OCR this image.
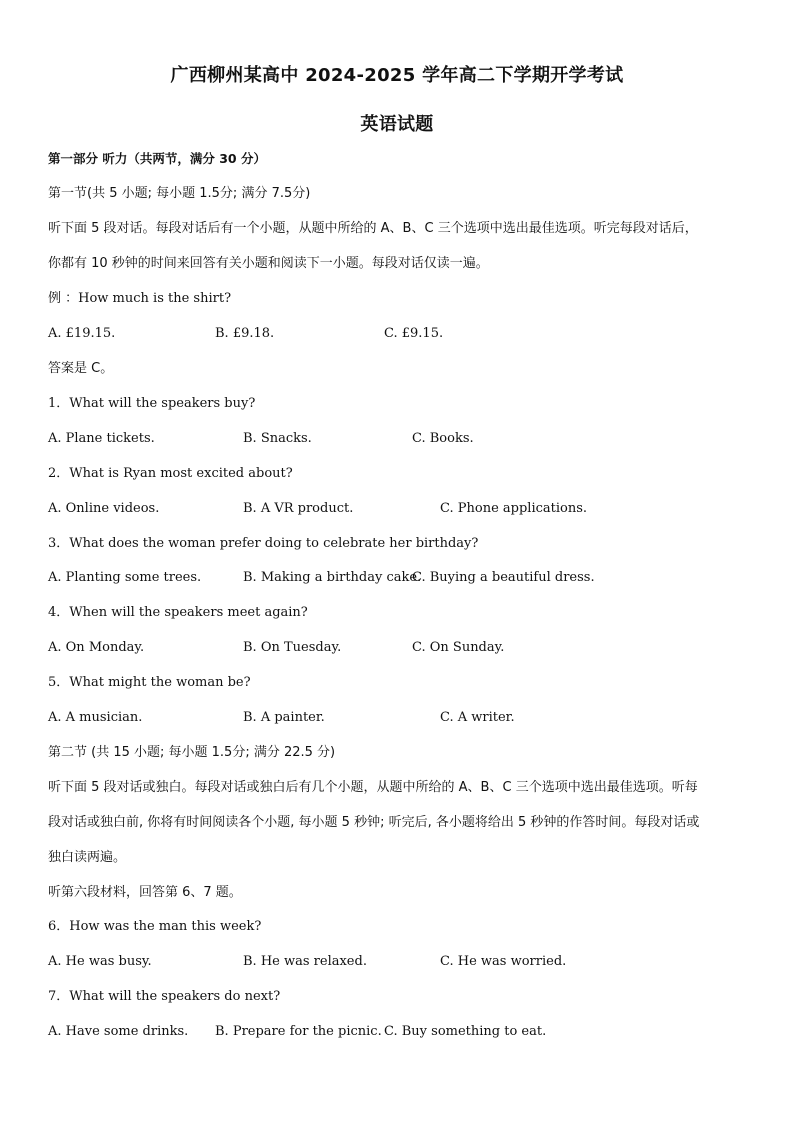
广西柳州某高中 2024-2025 学年高二下学期开学考试
英语试题
第一部分 听力（共两节，满分 30 分）
第一节(共 5 小题; 每小题 1.5分; 满分 7.5分)
听下面 5 段对话。每段对话后有一个小题，从题中所给的 A、B、C 三个选项中选出最佳选项。听完每段对话后，
你都有 10 秒钟的时间来回答有关小题和阅读下一小题。每段对话仅读一遍。
例 ：How much is the shirt?
A. £19.15.	B. £9.18.	C. £9.15.
答案是 C。
1．What will the speakers buy?
A. Plane tickets.	B. Snacks.	C. Books.
2．What is Ryan most excited about?
A. Online videos.	B. A VR product.	C. Phone applications.
3．What does the woman prefer doing to celebrate her birthday?
A. Planting some trees.	B. Making a birthday cake.
C. Buying a beautiful dress.
4．When will the speakers meet again?
A. On Monday.	B. On Tuesday.	C. On Sunday.
5．What might the woman be?
A. A musician.	B. A painter.	C. A writer.
第二节 (共 15 小题; 每小题 1.5分; 满分 22.5 分)
听下面 5 段对话或独白。每段对话或独白后有几个小题，从题中所给的 A、B、C 三个选项中选出最佳选项。听每
段对话或独白前, 你将有时间阅读各个小题, 每小题 5 秒钟; 听完后, 各小题将给出 5 秒钟的作答时间。每段对话或
独白读两遍。
听第六段材料，回答第 6、7 题。
6．How was the man this week?
A. He was busy.	B. He was relaxed.	C. He was worried.
7．What will the speakers do next?
A. Have some drinks. B. Prepare for the picnic. C. Buy something to eat.
